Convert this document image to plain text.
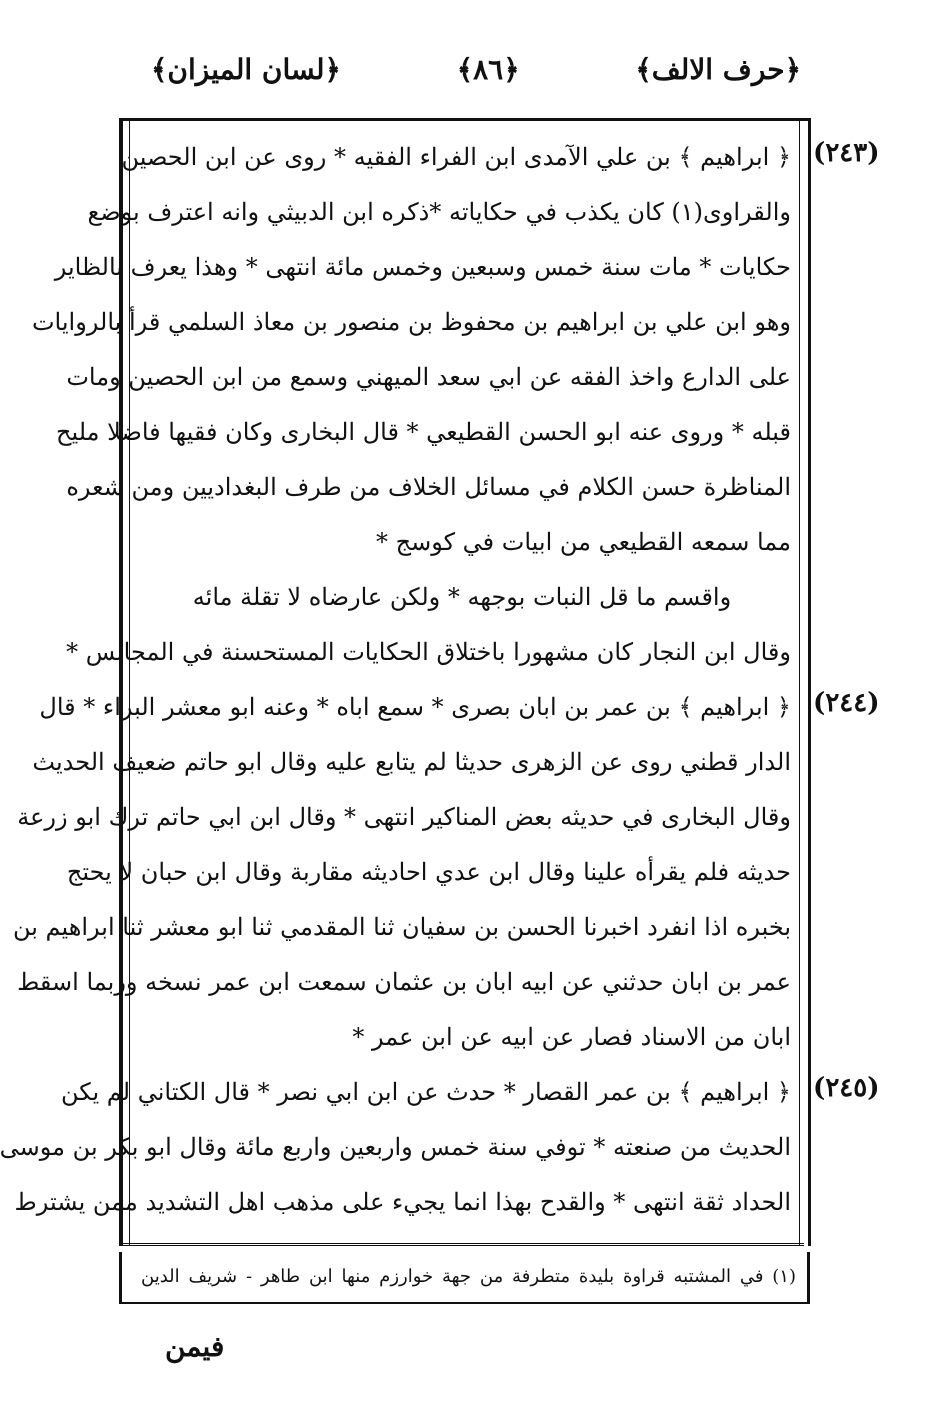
﴿حرف الالف﴾
﴿٨٦﴾
﴿لسان الميزان﴾
(٢٤٣)
(٢٤٤)
(٢٤٥)
﴿ ابراهيم ﴾ بن علي الآمدى ابن الفراء الفقيه * روى عن ابن الحصين
والقراوى(١) كان يكذب في حكاياته *ذكره ابن الدبيثي وانه اعترف بوضع
حكايات * مات سنة خمس وسبعين وخمس مائة انتهى * وهذا يعرف بالظاير
وهو ابن علي بن ابراهيم بن محفوظ بن منصور بن معاذ السلمي قرأ بالروايات
على الدارع واخذ الفقه عن ابي سعد الميهني وسمع من ابن الحصين ومات
قبله * وروى عنه ابو الحسن القطيعي * قال البخارى وكان فقيها فاضلا مليح
المناظرة حسن الكلام في مسائل الخلاف من طرف البغداديين ومن شعره
مما سمعه القطيعي من ابيات في كوسج *
واقسم ما قل النبات بوجهه * ولكن عارضاه لا تقلة مائه
وقال ابن النجار كان مشهورا باختلاق الحكايات المستحسنة في المجالس *
﴿ ابراهيم ﴾ بن عمر بن ابان بصرى * سمع اباه * وعنه ابو معشر البراء * قال
الدار قطني روى عن الزهرى حديثا لم يتابع عليه وقال ابو حاتم ضعيف الحديث
وقال البخارى في حديثه بعض المناكير انتهى * وقال ابن ابي حاتم ترك ابو زرعة
حديثه فلم يقرأه علينا وقال ابن عدي احاديثه مقاربة وقال ابن حبان لا يحتج
بخبره اذا انفرد اخبرنا الحسن بن سفيان ثنا المقدمي ثنا ابو معشر ثنا ابراهيم بن
عمر بن ابان حدثني عن ابيه ابان بن عثمان سمعت ابن عمر نسخه وربما اسقط
ابان من الاسناد فصار عن ابيه عن ابن عمر *
﴿ ابراهيم ﴾ بن عمر القصار * حدث عن ابن ابي نصر * قال الكتاني لم يكن
الحديث من صنعته * توفي سنة خمس واربعين واربع مائة وقال ابو بكر بن موسى
الحداد ثقة انتهى * والقدح بهذا انما يجيء على مذهب اهل التشديد ممن يشترط
(١) في المشتبه قراوة بليدة متطرفة من جهة خوارزم منها ابن طاهر - شريف الدين
فيمن
